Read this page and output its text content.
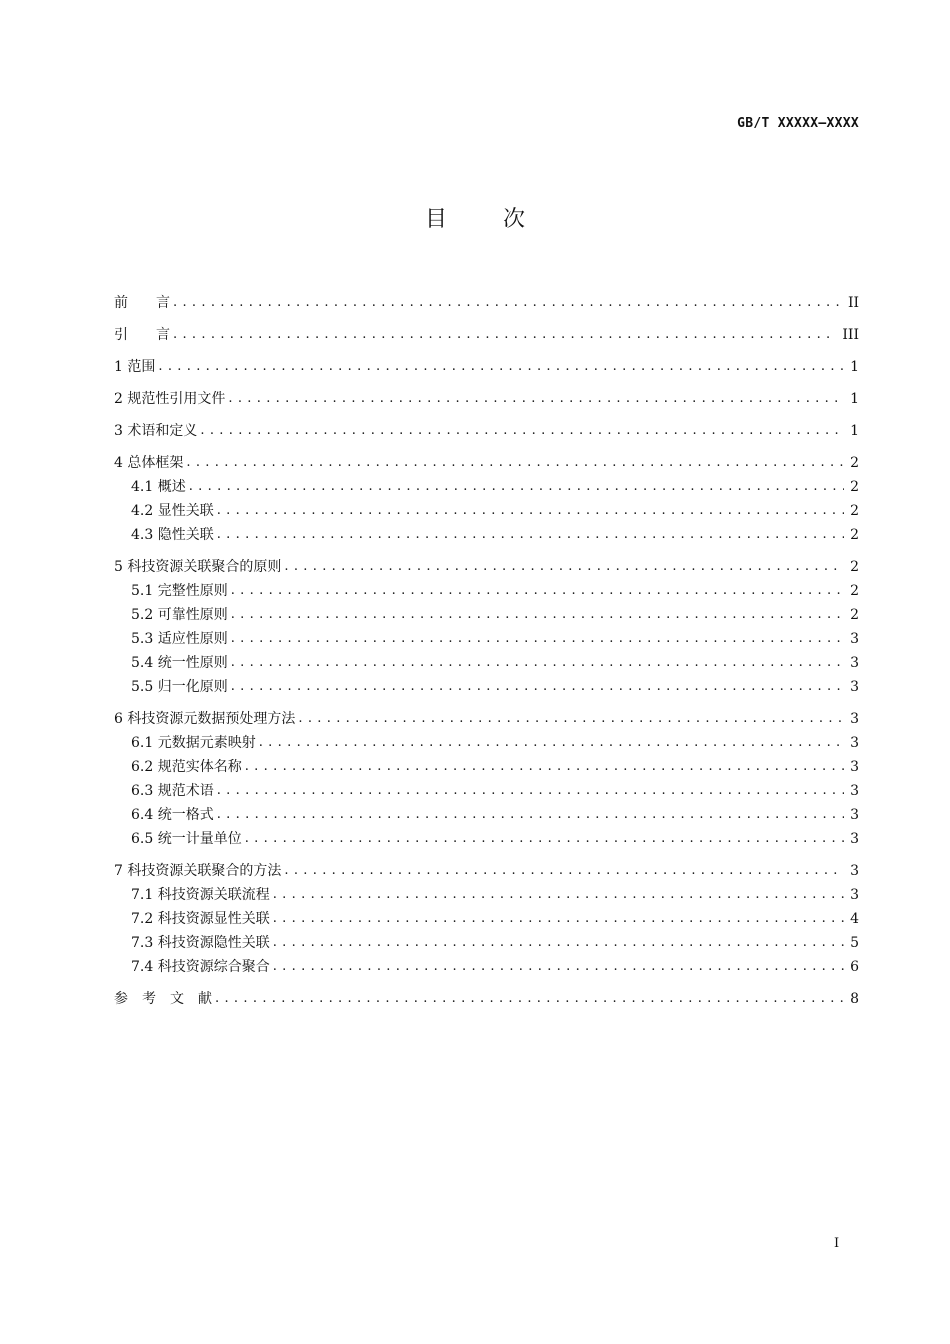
GB/T XXXXX—XXXX
目次
前　　言 . . .	II
引　　言 . . .	III
1 范围 . . .	1
2 规范性引用文件 . . .	1
3 术语和定义 . . .	1
4 总体框架 . . .	2
4.1 概述 . . .	2
4.2 显性关联 . . .	2
4.3 隐性关联 . . .	2
5 科技资源关联聚合的原则 . . .	2
5.1 完整性原则 . . .	2
5.2 可靠性原则 . . .	2
5.3 适应性原则 . . .	3
5.4 统一性原则 . . .	3
5.5 归一化原则 . . .	3
6 科技资源元数据预处理方法 . . .	3
6.1 元数据元素映射 . . .	3
6.2 规范实体名称 . . .	3
6.3 规范术语 . . .	3
6.4 统一格式 . . .	3
6.5 统一计量单位 . . .	3
7 科技资源关联聚合的方法 . . .	3
7.1 科技资源关联流程 . . .	3
7.2 科技资源显性关联 . . .	4
7.3 科技资源隐性关联 . . .	5
7.4 科技资源综合聚合 . . .	6
参　考　文　献 . . .	8
I
